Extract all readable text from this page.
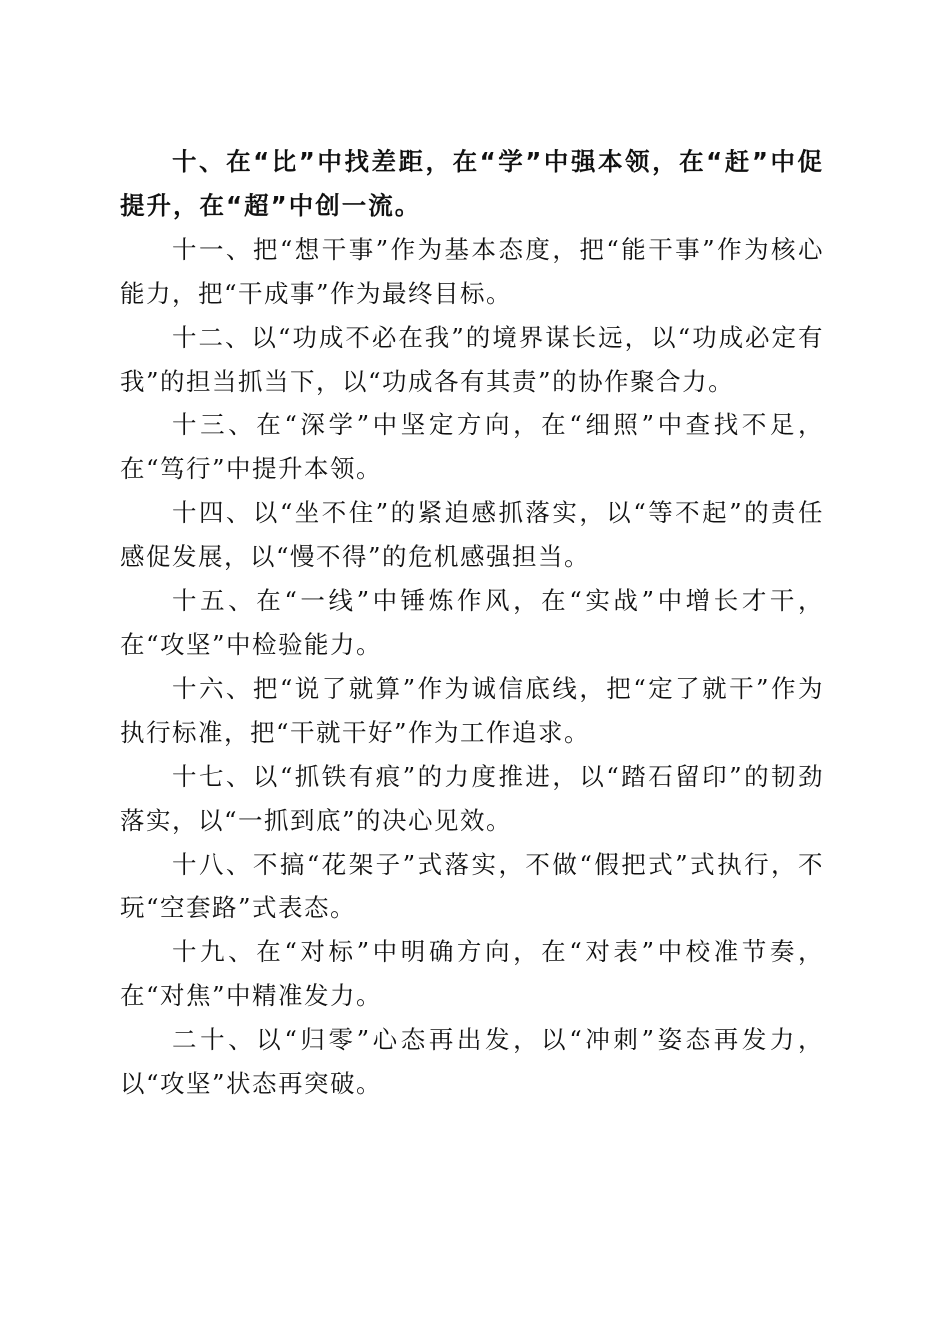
十、在“比”中找差距，在“学”中强本领，在“赶”中促提升，在“超”中创一流。

十一、把“想干事”作为基本态度，把“能干事”作为核心能力，把“干成事”作为最终目标。

十二、以“功成不必在我”的境界谋长远，以“功成必定有我”的担当抓当下，以“功成各有其责”的协作聚合力。

十三、在“深学”中坚定方向，在“细照”中查找不足，在“笃行”中提升本领。

十四、以“坐不住”的紧迫感抓落实，以“等不起”的责任感促发展，以“慢不得”的危机感强担当。

十五、在“一线”中锤炼作风，在“实战”中增长才干，在“攻坚”中检验能力。

十六、把“说了就算”作为诚信底线，把“定了就干”作为执行标准，把“干就干好”作为工作追求。

十七、以“抓铁有痕”的力度推进，以“踏石留印”的韧劲落实，以“一抓到底”的决心见效。

十八、不搞“花架子”式落实，不做“假把式”式执行，不玩“空套路”式表态。

十九、在“对标”中明确方向，在“对表”中校准节奏，在“对焦”中精准发力。

二十、以“归零”心态再出发，以“冲刺”姿态再发力，以“攻坚”状态再突破。
